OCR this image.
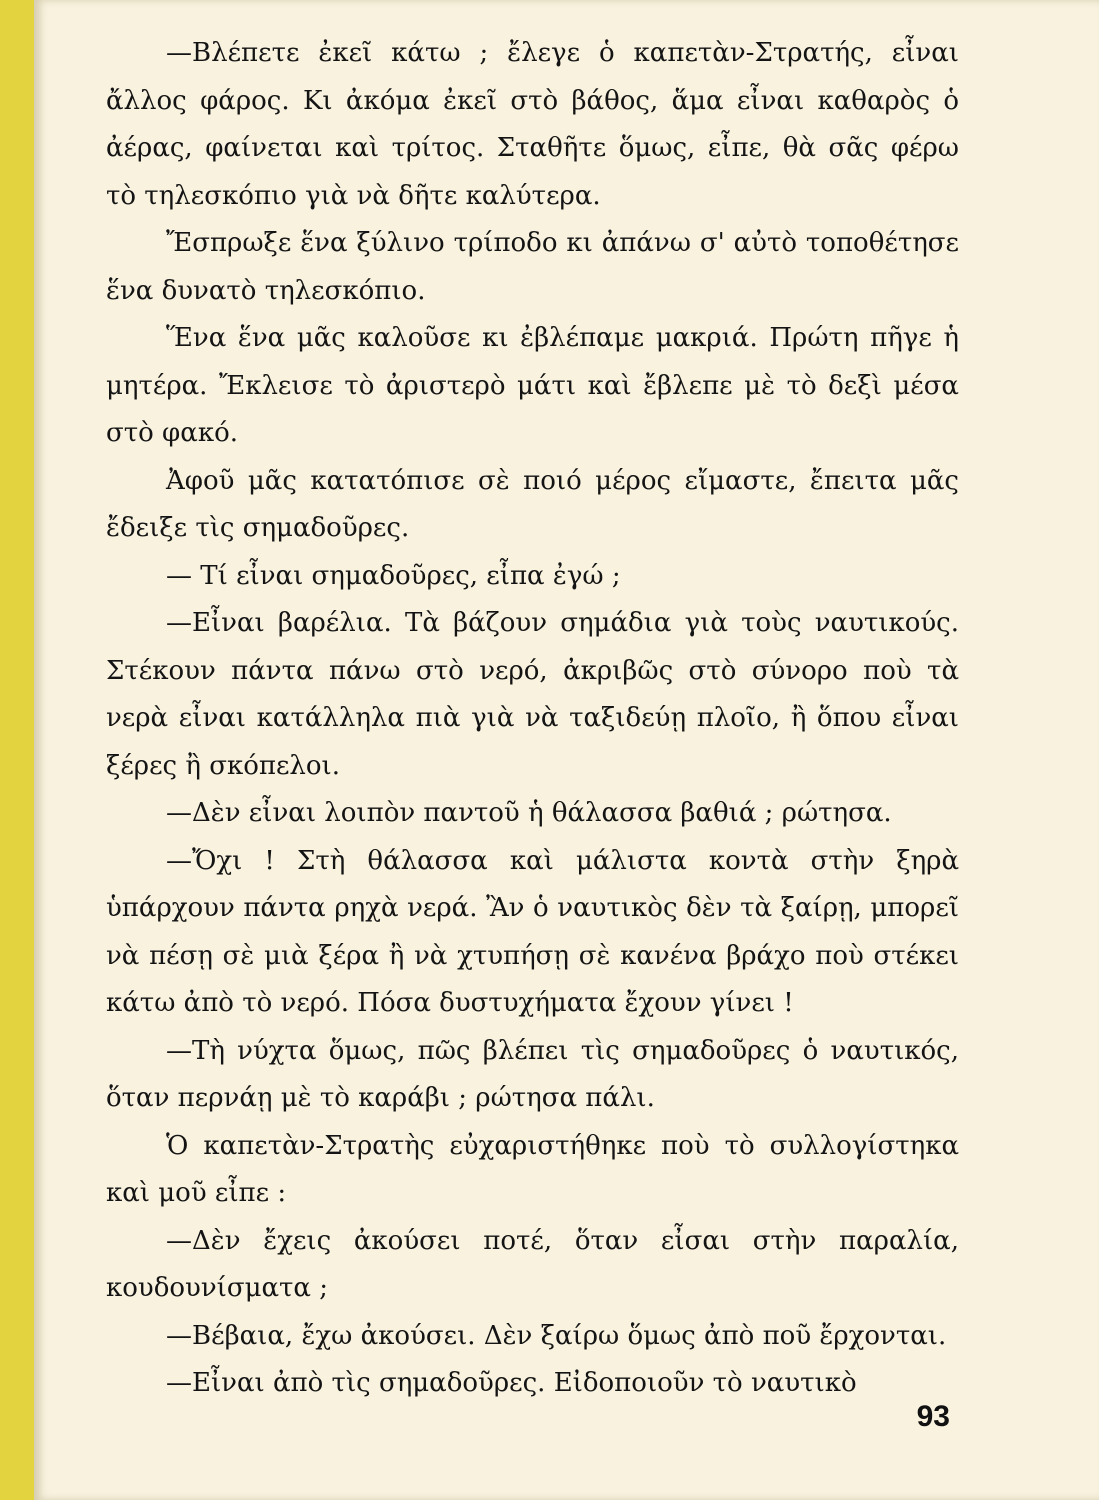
—Βλέπετε ἐκεῖ κάτω ; ἔλεγε ὁ καπετὰν-Στρατής, εἶναι ἄλλος φάρος. Κι ἀκόμα ἐκεῖ στὸ βάθος, ἅμα εἶναι καθαρὸς ὁ ἀέρας, φαίνεται καὶ τρίτος. Σταθῆτε ὅμως, εἶπε, θὰ σᾶς φέρω τὸ τηλεσκόπιο γιὰ νὰ δῆτε καλύτερα.

Ἔσπρωξε ἕνα ξύλινο τρίποδο κι ἀπάνω σ' αὐτὸ τοποθέτησε ἕνα δυνατὸ τηλεσκόπιο.

Ἕνα ἕνα μᾶς καλοῦσε κι ἐβλέπαμε μακριά. Πρώτη πῆγε ἡ μητέρα. Ἔκλεισε τὸ ἀριστερὸ μάτι καὶ ἔβλεπε μὲ τὸ δεξὶ μέσα στὸ φακό.

Ἀφοῦ μᾶς κατατόπισε σὲ ποιό μέρος εἴμαστε, ἔπειτα μᾶς ἔδειξε τὶς σημαδοῦρες.

— Τί εἶναι σημαδοῦρες, εἶπα ἐγώ ;

—Εἶναι βαρέλια. Τὰ βάζουν σημάδια γιὰ τοὺς ναυτικούς. Στέκουν πάντα πάνω στὸ νερό, ἀκριβῶς στὸ σύνορο ποὺ τὰ νερὰ εἶναι κατάλληλα πιὰ γιὰ νὰ ταξιδεύῃ πλοῖο, ἢ ὅπου εἶναι ξέρες ἢ σκόπελοι.

—Δὲν εἶναι λοιπὸν παντοῦ ἡ θάλασσα βαθιά ; ρώτησα.

—Ὄχι ! Στὴ θάλασσα καὶ μάλιστα κοντὰ στὴν ξηρὰ ὑπάρχουν πάντα ρηχὰ νερά. Ἂν ὁ ναυτικὸς δὲν τὰ ξαίρῃ, μπορεῖ νὰ πέσῃ σὲ μιὰ ξέρα ἢ νὰ χτυπήσῃ σὲ κανένα βράχο ποὺ στέκει κάτω ἀπὸ τὸ νερό. Πόσα δυστυχήματα ἔχουν γίνει !

—Τὴ νύχτα ὅμως, πῶς βλέπει τὶς σημαδοῦρες ὁ ναυτικός, ὅταν περνάῃ μὲ τὸ καράβι ; ρώτησα πάλι.

Ὁ καπετὰν-Στρατὴς εὐχαριστήθηκε ποὺ τὸ συλλογίστηκα καὶ μοῦ εἶπε :

—Δὲν ἔχεις ἀκούσει ποτέ, ὅταν εἶσαι στὴν παραλία, κουδουνίσματα ;

—Βέβαια, ἔχω ἀκούσει. Δὲν ξαίρω ὅμως ἀπὸ ποῦ ἔρχονται.

—Εἶναι ἀπὸ τὶς σημαδοῦρες. Εἰδοποιοῦν τὸ ναυτικὸ

93
